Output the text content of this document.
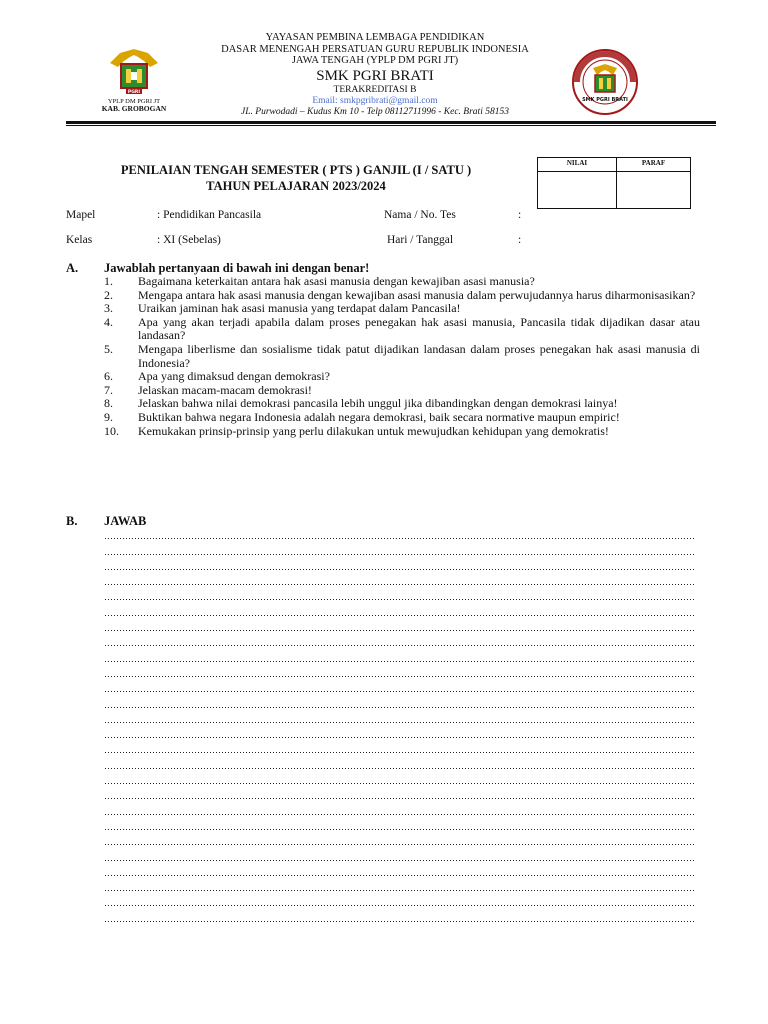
PGRI
YPLP DM PGRI JT
KAB. GROBOGAN
YAYASAN PEMBINA LEMBAGA PENDIDIKAN
DASAR MENENGAH PERSATUAN GURU REPUBLIK INDONESIA
JAWA TENGAH (YPLP DM PGRI JT)
SMK PGRI BRATI
TERAKREDITASI B
Email: smkpgribrati@gmail.com
JL. Purwodadi – Kudus Km 10 - Telp 08112711996 - Kec. Brati 58153
SMK PGRI BRATI
PENILAIAN TENGAH SEMESTER ( PTS ) GANJIL (I / SATU )
TAHUN PELAJARAN 2023/2024
NILAI	PARAF
Mapel	: Pendidikan Pancasila	Nama / No. Tes	:
Kelas	: XI (Sebelas)	Hari / Tanggal	:
A. Jawablah pertanyaan di bawah ini dengan benar!
1. Bagaimana keterkaitan antara hak asasi manusia dengan kewajiban asasi manusia?
2. Mengapa antara hak asasi manusia dengan kewajiban asasi manusia dalam perwujudannya harus diharmonisasikan?
3. Uraikan jaminan hak asasi manusia yang terdapat dalam Pancasila!
4. Apa yang akan terjadi apabila dalam proses penegakan hak asasi manusia, Pancasila tidak dijadikan dasar atau landasan?
5. Mengapa liberlisme dan sosialisme tidak patut dijadikan landasan dalam proses penegakan hak asasi manusia di Indonesia?
6. Apa yang dimaksud dengan demokrasi?
7. Jelaskan macam-macam demokrasi!
8. Jelaskan bahwa nilai demokrasi pancasila lebih unggul jika dibandingkan dengan demokrasi lainya!
9. Buktikan bahwa negara Indonesia adalah negara demokrasi, baik secara normative maupun empiric!
10. Kemukakan prinsip-prinsip yang perlu dilakukan untuk mewujudkan kehidupan yang demokratis!
B. JAWAB
